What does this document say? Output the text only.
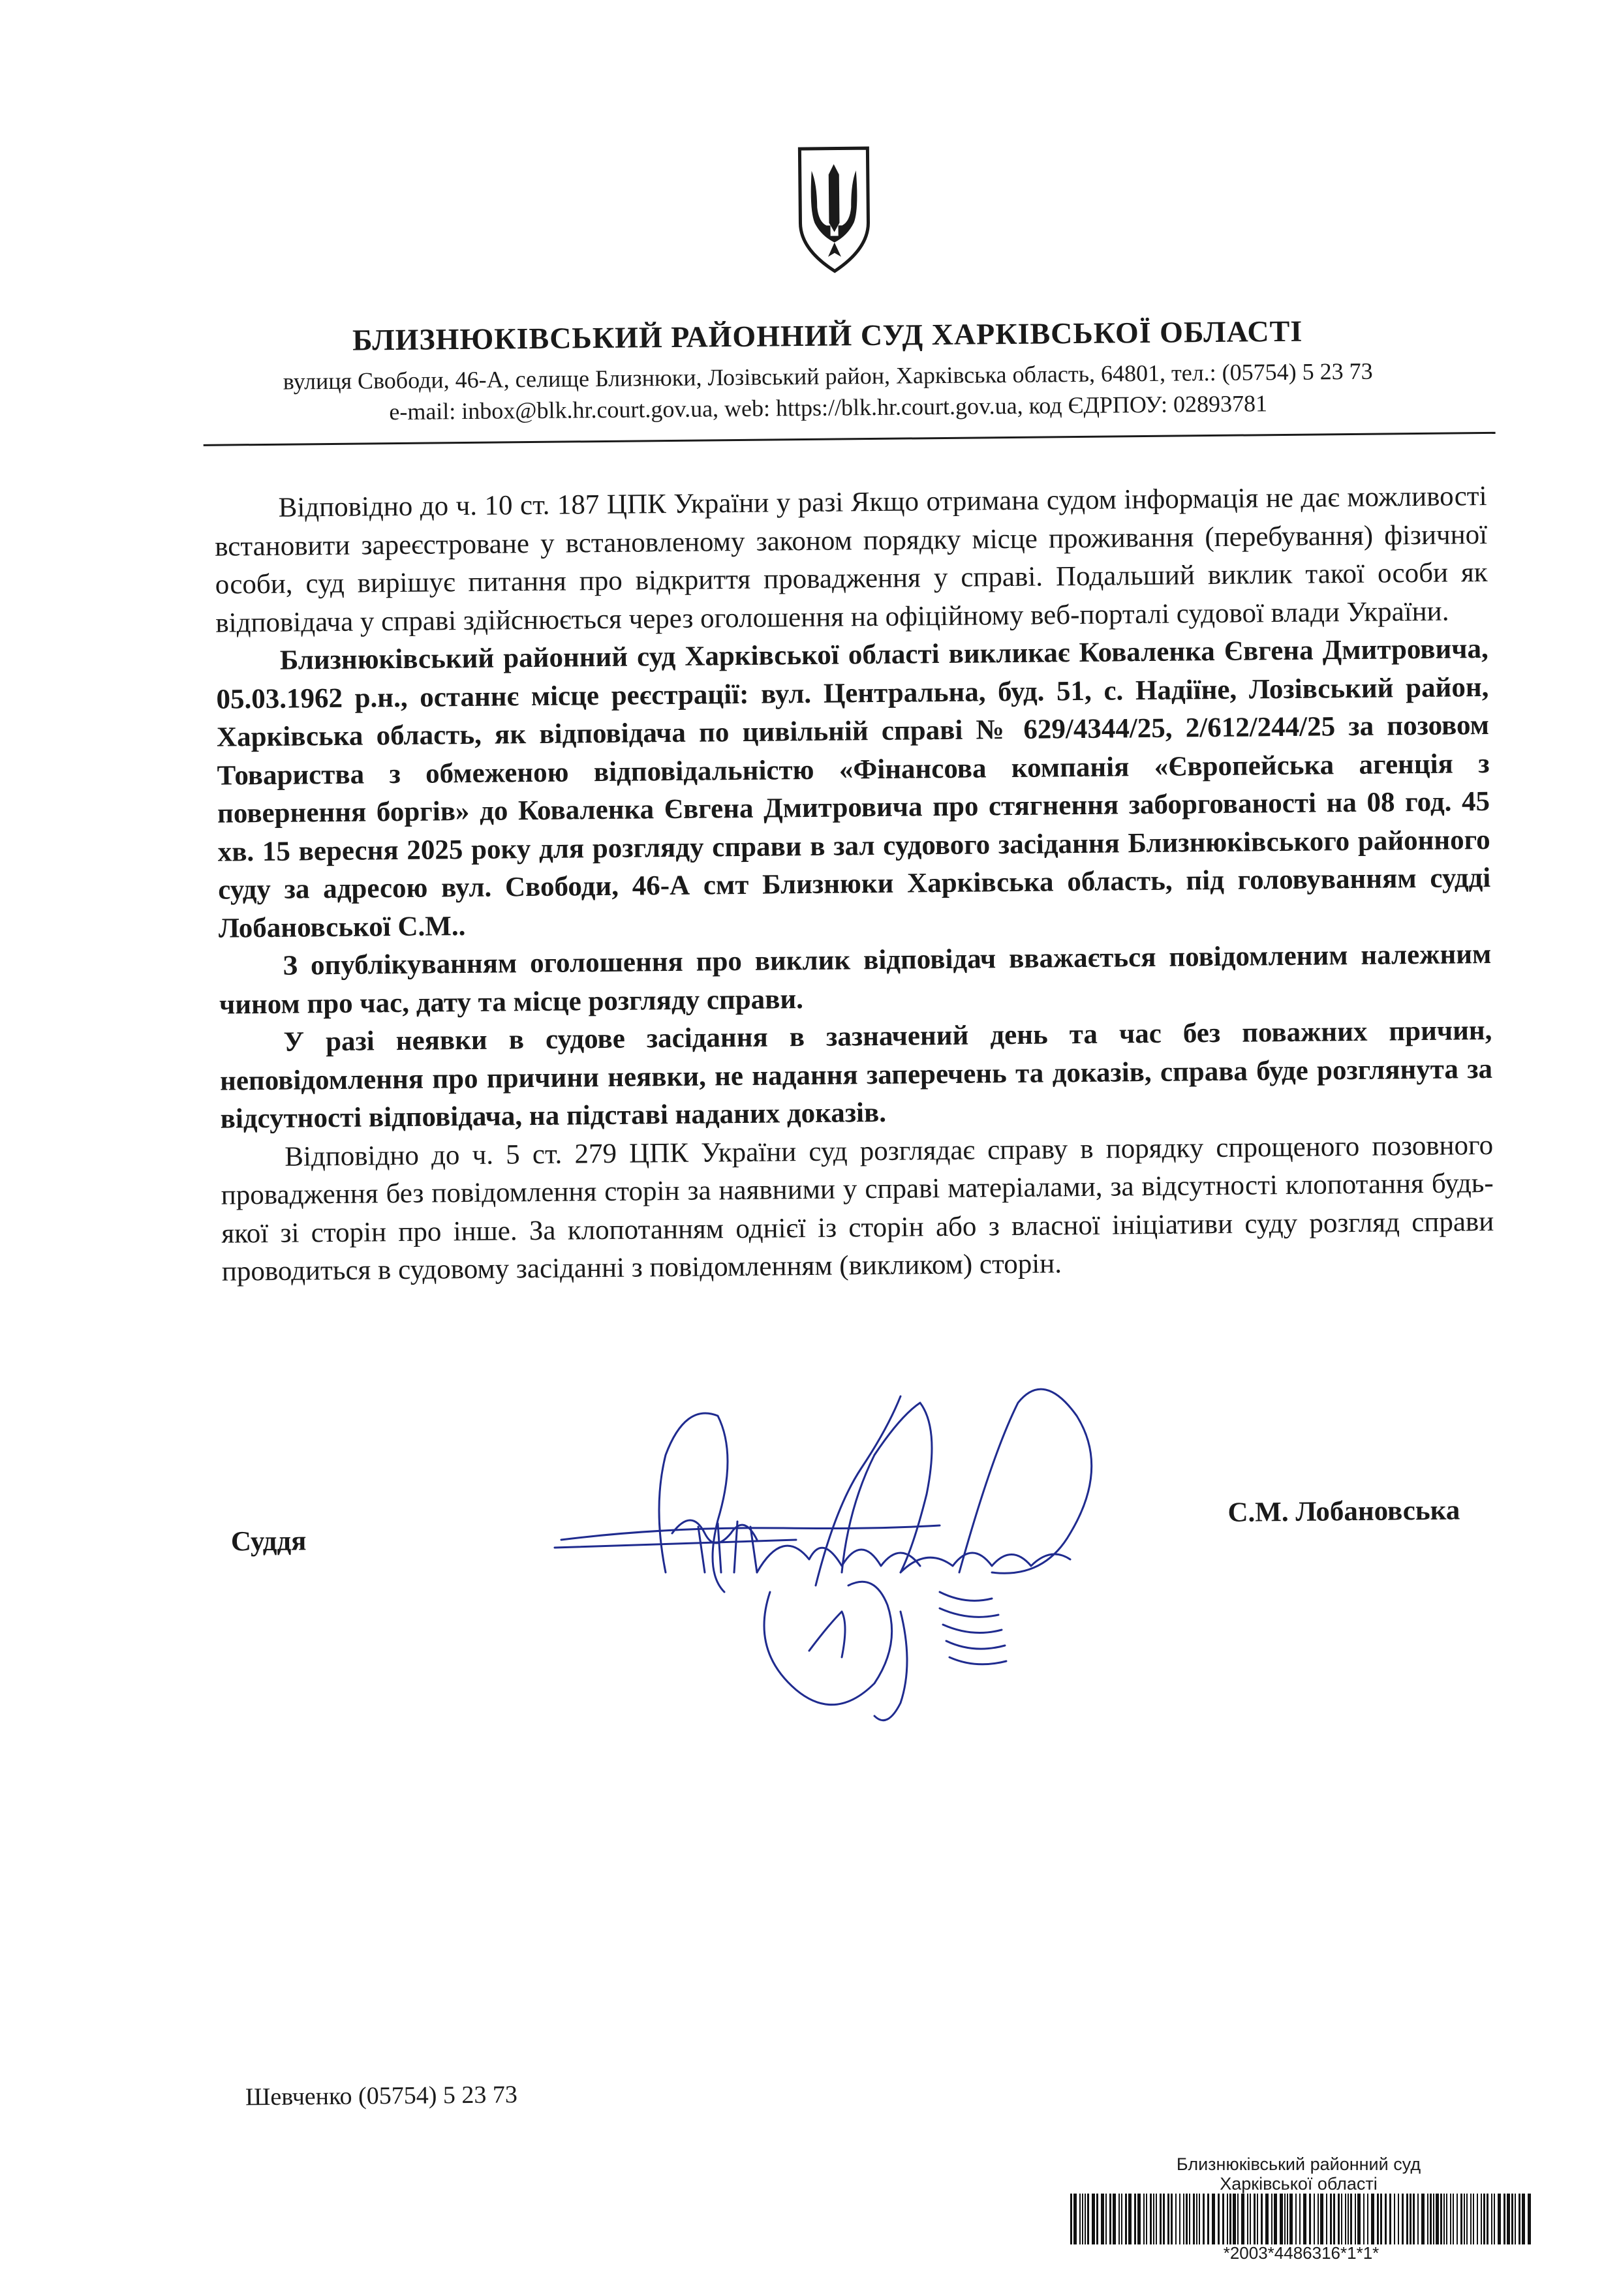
БЛИЗНЮКІВСЬКИЙ РАЙОННИЙ СУД ХАРКІВСЬКОЇ ОБЛАСТІ
вулиця Свободи, 46-А, селище Близнюки, Лозівський район, Харківська область, 64801, тел.: (05754) 5 23 73
e-mail: inbox@blk.hr.court.gov.ua, web: https://blk.hr.court.gov.ua, код ЄДРПОУ: 02893781

Відповідно до ч. 10 ст. 187 ЦПК України у разі Якщо отримана судом інформація не дає можливості встановити зареєстроване у встановленому законом порядку місце проживання (перебування) фізичної особи, суд вирішує питання про відкриття провадження у справі. Подальший виклик такої особи як відповідача у справі здійснюється через оголошення на офіційному веб-порталі судової влади України.

Близнюківський районний суд Харківської області викликає Коваленка Євгена Дмитровича, 05.03.1962 р.н., останнє місце реєстрації: вул. Центральна, буд. 51, с. Надіїне, Лозівський район, Харківська область, як відповідача по цивільній справі № 629/4344/25, 2/612/244/25 за позовом Товариства з обмеженою відповідальністю «Фінансова компанія «Європейська агенція з повернення боргів» до Коваленка Євгена Дмитровича про стягнення заборгованості на 08 год. 45 хв. 15 вересня 2025 року для розгляду справи в зал судового засідання Близнюківського районного суду за адресою вул. Свободи, 46-А смт Близнюки Харківська область, під головуванням судді Лобановської С.М..

З опублікуванням оголошення про виклик відповідач вважається повідомленим належним чином про час, дату та місце розгляду справи.

У разі неявки в судове засідання в зазначений день та час без поважних причин, неповідомлення про причини неявки, не надання заперечень та доказів, справа буде розглянута за відсутності відповідача, на підставі наданих доказів.

Відповідно до ч. 5 ст. 279 ЦПК України суд розглядає справу в порядку спрощеного позовного провадження без повідомлення сторін за наявними у справі матеріалами, за відсутності клопотання будь-якої зі сторін про інше. За клопотанням однієї із сторін або з власної ініціативи суду розгляд справи проводиться в судовому засіданні з повідомленням (викликом) сторін.

Суддя
С.М. Лобановська
Шевченко (05754) 5 23 73
Близнюківський районний суд
Харківської області
*2003*4486316*1*1*
